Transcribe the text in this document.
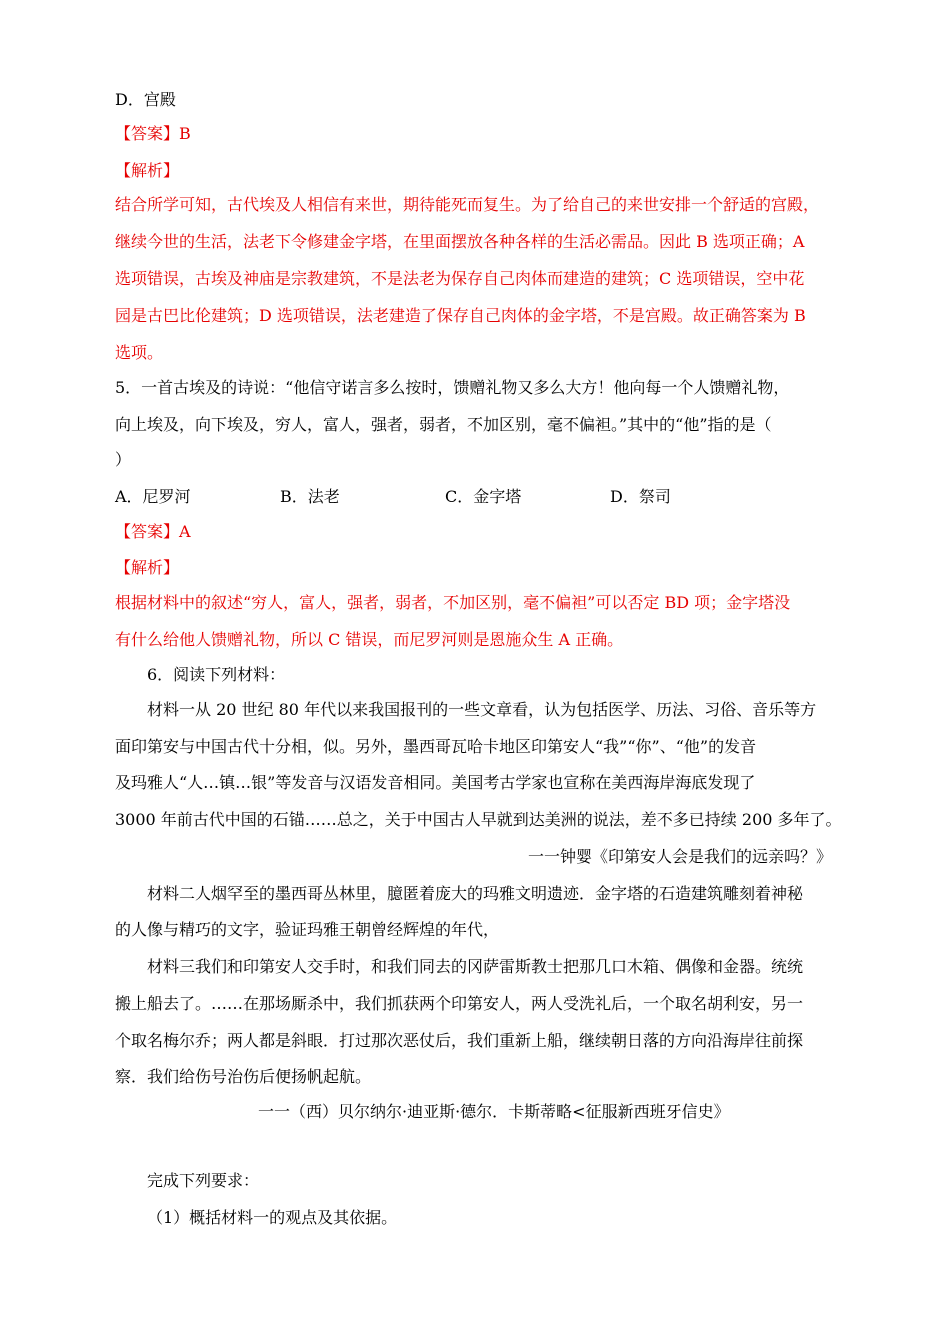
D．宫殿
【答案】B
【解析】
结合所学可知，古代埃及人相信有来世，期待能死而复生。为了给自己的来世安排一个舒适的宫殿，
继续今世的生活，法老下令修建金字塔，在里面摆放各种各样的生活必需品。因此 B 选项正确；A
选项错误，古埃及神庙是宗教建筑，不是法老为保存自己肉体而建造的建筑；C 选项错误，空中花
园是古巴比伦建筑；D 选项错误，法老建造了保存自己肉体的金字塔，不是宫殿。故正确答案为 B
选项。
5．一首古埃及的诗说：“他信守诺言多么按时，馈赠礼物又多么大方！他向每一个人馈赠礼物，
向上埃及，向下埃及，穷人，富人，强者，弱者，不加区别，毫不偏袒。”其中的“他”指的是（
）
A．尼罗河	B．法老	C．金字塔	D．祭司
【答案】A
【解析】
根据材料中的叙述“穷人，富人，强者，弱者，不加区别，毫不偏袒”可以否定 BD 项；金字塔没
有什么给他人馈赠礼物，所以 C 错误，而尼罗河则是恩施众生 A 正确。
6．阅读下列材料：
材料一从 20 世纪 80 年代以来我国报刊的一些文章看，认为包括医学、历法、习俗、音乐等方
面印第安与中国古代十分相，似。另外，墨西哥瓦哈卡地区印第安人“我”“你”、“他”的发音
及玛雅人“人…镇…银”等发音与汉语发音相同。美国考古学家也宣称在美西海岸海底发现了
3000 年前古代中国的石锚……总之，关于中国古人早就到达美洲的说法，差不多已持续 200 多年了。
一一钟婴《印第安人会是我们的远亲吗？》
材料二人烟罕至的墨西哥丛林里，臆匿着庞大的玛雅文明遗迹．金字塔的石造建筑雕刻着神秘
的人像与精巧的文字，验证玛雅王朝曾经辉煌的年代，
材料三我们和印第安人交手时，和我们同去的冈萨雷斯教士把那几口木箱、偶像和金器。统统
搬上船去了。……在那场厮杀中，我们抓获两个印第安人，两人受洗礼后，一个取名胡利安，另一
个取名梅尔乔；两人都是斜眼．打过那次恶仗后，我们重新上船，继续朝日落的方向沿海岸往前探
察．我们给伤号治伤后便扬帆起航。
一一（西）贝尔纳尔·迪亚斯·德尔．卡斯蒂略<征服新西班牙信史》
完成下列要求：
（1）概括材料一的观点及其依据。
